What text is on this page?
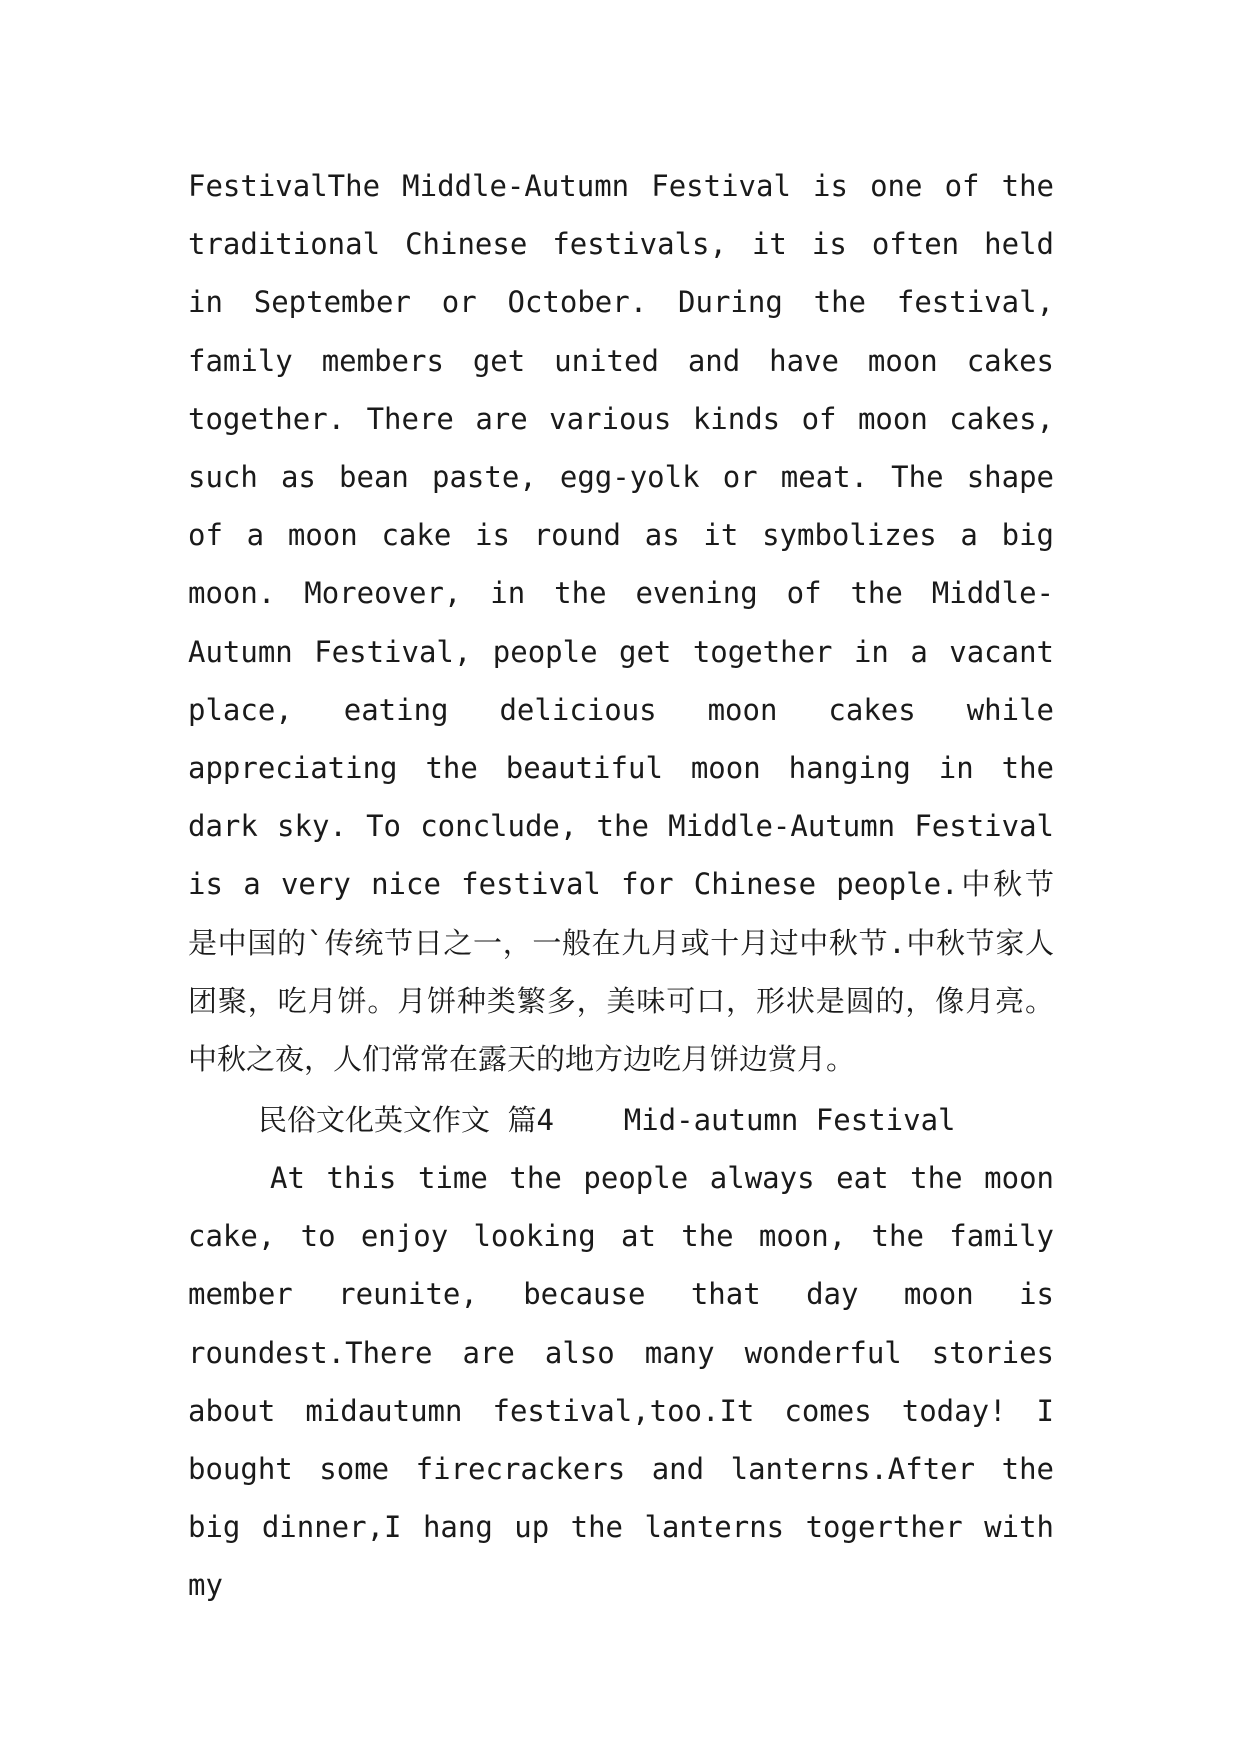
FestivalThe Middle-Autumn Festival is one of the traditional Chinese festivals, it is often held in September or October. During the festival, family members get united and have moon cakes together. There are various kinds of moon cakes, such as bean paste, egg-yolk or meat. The shape of a moon cake is round as it symbolizes a big moon. Moreover, in the evening of the Middle-Autumn Festival, people get together in a vacant place, eating delicious moon cakes while appreciating the beautiful moon hanging in the dark sky. To conclude, the Middle-Autumn Festival is a very nice festival for Chinese people.中秋节是中国的`传统节日之一，一般在九月或十月过中秋节.中秋节家人团聚，吃月饼。月饼种类繁多，美味可口，形状是圆的，像月亮。中秋之夜，人们常常在露天的地方边吃月饼边赏月。

民俗文化英文作文 篇4    Mid-autumn Festival

At this time the people always eat the moon cake, to enjoy looking at the moon, the family member reunite, because that day moon is roundest.There are also many wonderful stories about midautumn festival,too.It comes today! I bought some firecrackers and lanterns.After the big dinner,I hang up the lanterns togerther with my
